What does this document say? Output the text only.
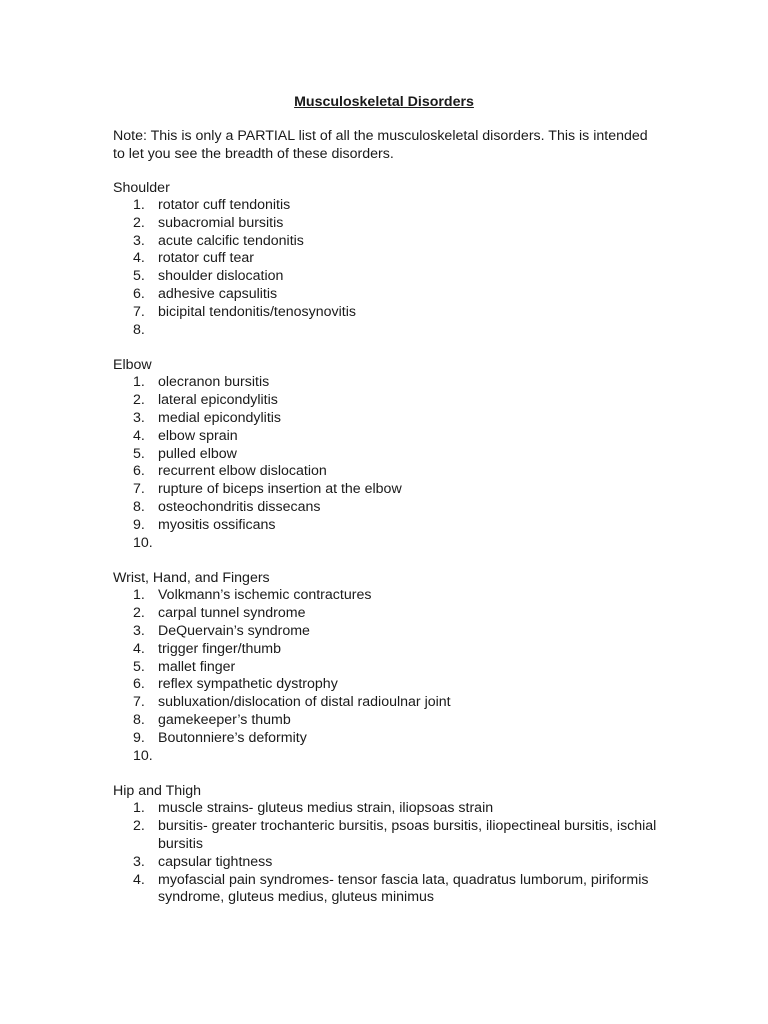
Musculoskeletal Disorders
Note: This is only a PARTIAL list of all the musculoskeletal disorders. This is intended to let you see the breadth of these disorders.
Shoulder
1. rotator cuff tendonitis
2. subacromial bursitis
3. acute calcific tendonitis
4. rotator cuff tear
5. shoulder dislocation
6. adhesive capsulitis
7. bicipital tendonitis/tenosynovitis
8.

Elbow
1. olecranon bursitis
2. lateral epicondylitis
3. medial epicondylitis
4. elbow sprain
5. pulled elbow
6. recurrent elbow dislocation
7. rupture of biceps insertion at the elbow
8. osteochondritis dissecans
9. myositis ossificans
10.

Wrist, Hand, and Fingers
1. Volkmann’s ischemic contractures
2. carpal tunnel syndrome
3. DeQuervain’s syndrome
4. trigger finger/thumb
5. mallet finger
6. reflex sympathetic dystrophy
7. subluxation/dislocation of distal radioulnar joint
8. gamekeeper’s thumb
9. Boutonniere’s deformity
10.

Hip and Thigh
1. muscle strains- gluteus medius strain, iliopsoas strain
2. bursitis- greater trochanteric bursitis, psoas bursitis, iliopectineal bursitis, ischial bursitis
3. capsular tightness
4. myofascial pain syndromes- tensor fascia lata, quadratus lumborum, piriformis syndrome, gluteus medius, gluteus minimus
